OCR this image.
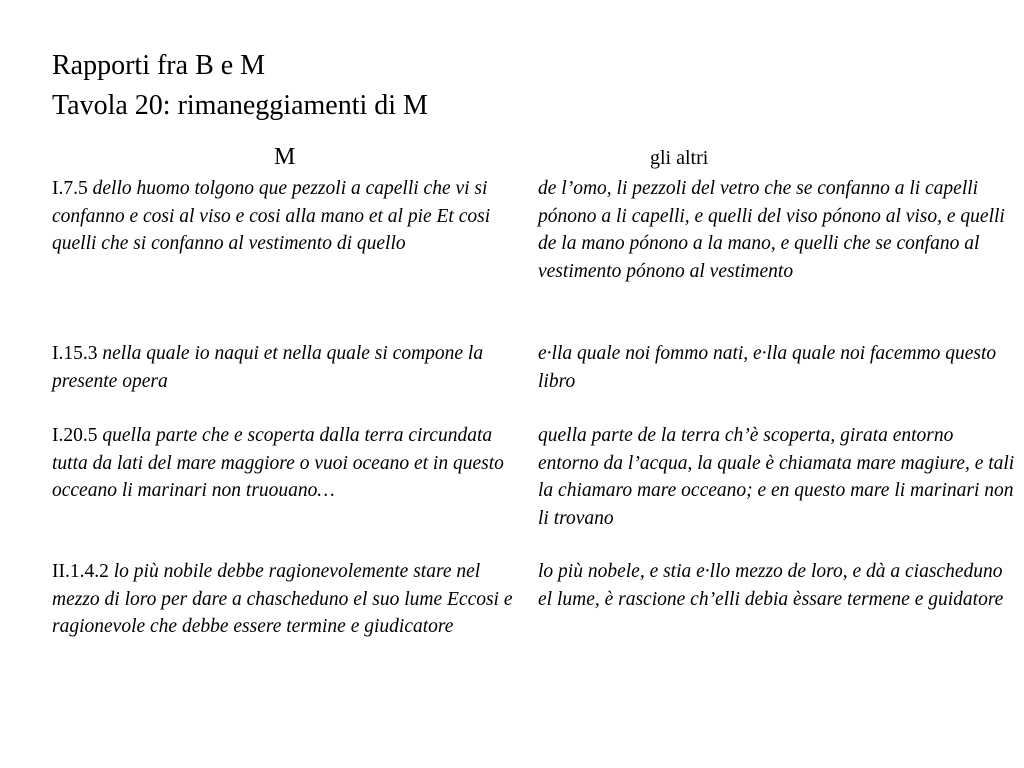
Rapporti fra B e M
Tavola 20: rimaneggiamenti di M
M	gli altri

I.7.5 dello huomo tolgono que pezzoli a capelli che vi si confanno e cosi al viso e cosi alla mano et al pie Et cosi quelli che si confanno al vestimento di quello

de l’omo, li pezzoli del vetro che se confanno a li capelli pónono a li capelli, e quelli del viso pónono al viso, e quelli de la mano pónono a la mano, e quelli che se confano al vestimento pónono al vestimento

I.15.3 nella quale io naqui et nella quale si compone la presente opera

e·lla quale noi fommo nati, e·lla quale noi facemmo questo libro

I.20.5 quella parte che e scoperta dalla terra circundata tutta da lati del mare maggiore o vuoi oceano et in questo occeano li marinari non truouano…

quella parte de la terra ch’è scoperta, girata entorno entorno da l’acqua, la quale è chiamata mare magiure, e tali la chiamaro mare occeano; e en questo mare li marinari non li trovano

II.1.4.2 lo più nobile debbe ragionevolemente stare nel mezzo di loro per dare a chascheduno el suo lume Eccosi e ragionevole che debbe essere termine e giudicatore

lo più nobele, e stia e·llo mezzo de loro, e dà a ciascheduno el lume, è rascione ch’elli debia èssare termene e guidatore
